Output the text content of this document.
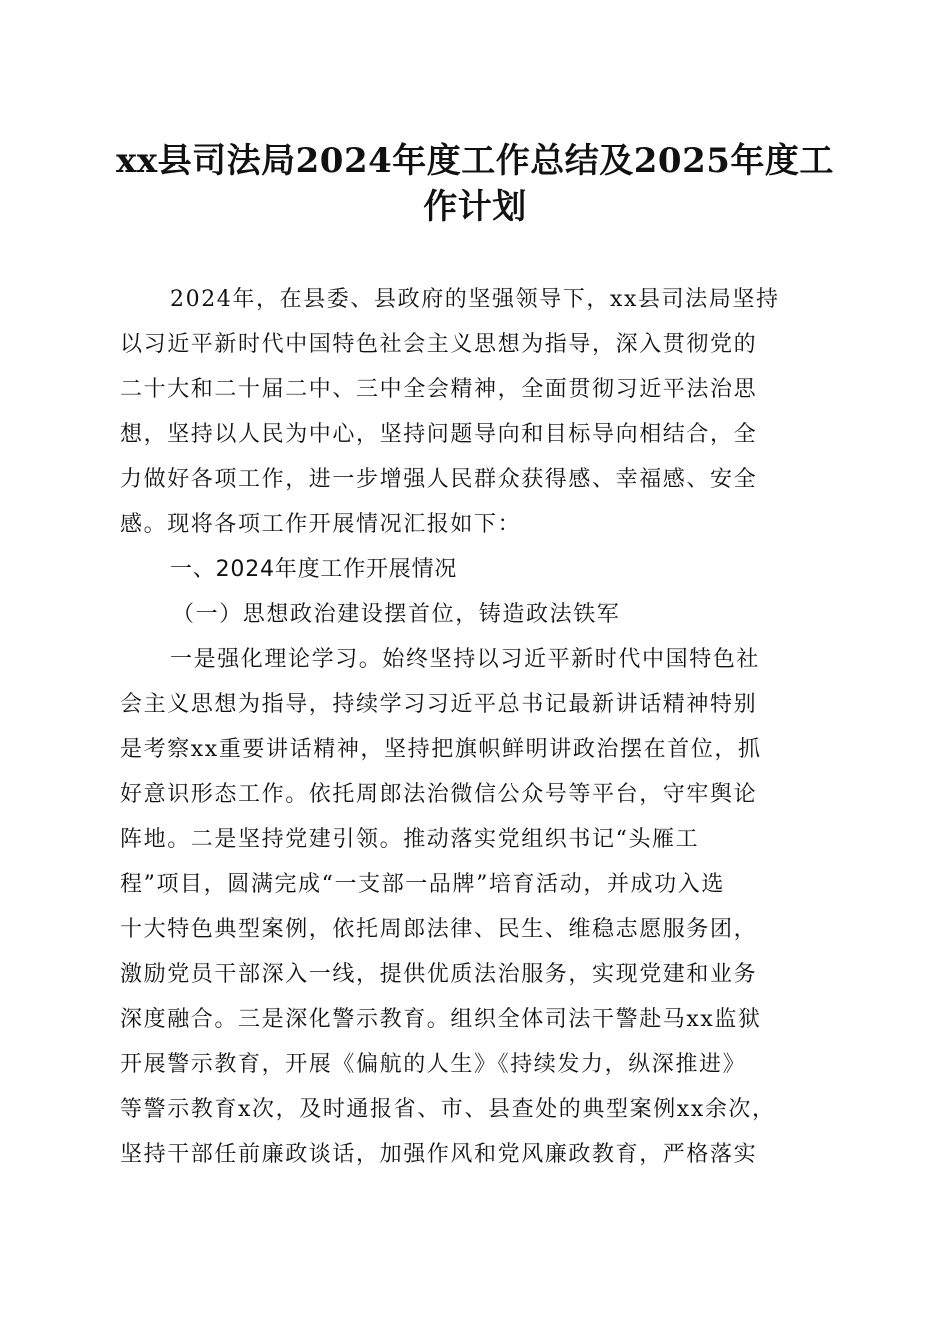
xx县司法局2024年度工作总结及2025年度工
作计划
2024年，在县委、县政府的坚强领导下，xx县司法局坚持
以习近平新时代中国特色社会主义思想为指导，深入贯彻党的
二十大和二十届二中、三中全会精神，全面贯彻习近平法治思
想，坚持以人民为中心，坚持问题导向和目标导向相结合，全
力做好各项工作，进一步增强人民群众获得感、幸福感、安全
感。现将各项工作开展情况汇报如下：
一、2024年度工作开展情况
（一）思想政治建设摆首位，铸造政法铁军
一是强化理论学习。始终坚持以习近平新时代中国特色社
会主义思想为指导，持续学习习近平总书记最新讲话精神特别
是考察xx重要讲话精神，坚持把旗帜鲜明讲政治摆在首位，抓
好意识形态工作。依托周郎法治微信公众号等平台，守牢舆论
阵地。二是坚持党建引领。推动落实党组织书记“头雁工
程”项目，圆满完成“一支部一品牌”培育活动，并成功入选
十大特色典型案例，依托周郎法律、民生、维稳志愿服务团，
激励党员干部深入一线，提供优质法治服务，实现党建和业务
深度融合。三是深化警示教育。组织全体司法干警赴马xx监狱
开展警示教育，开展《偏航的人生》《持续发力，纵深推进》
等警示教育x次，及时通报省、市、县查处的典型案例xx余次，
坚持干部任前廉政谈话，加强作风和党风廉政教育，严格落实
